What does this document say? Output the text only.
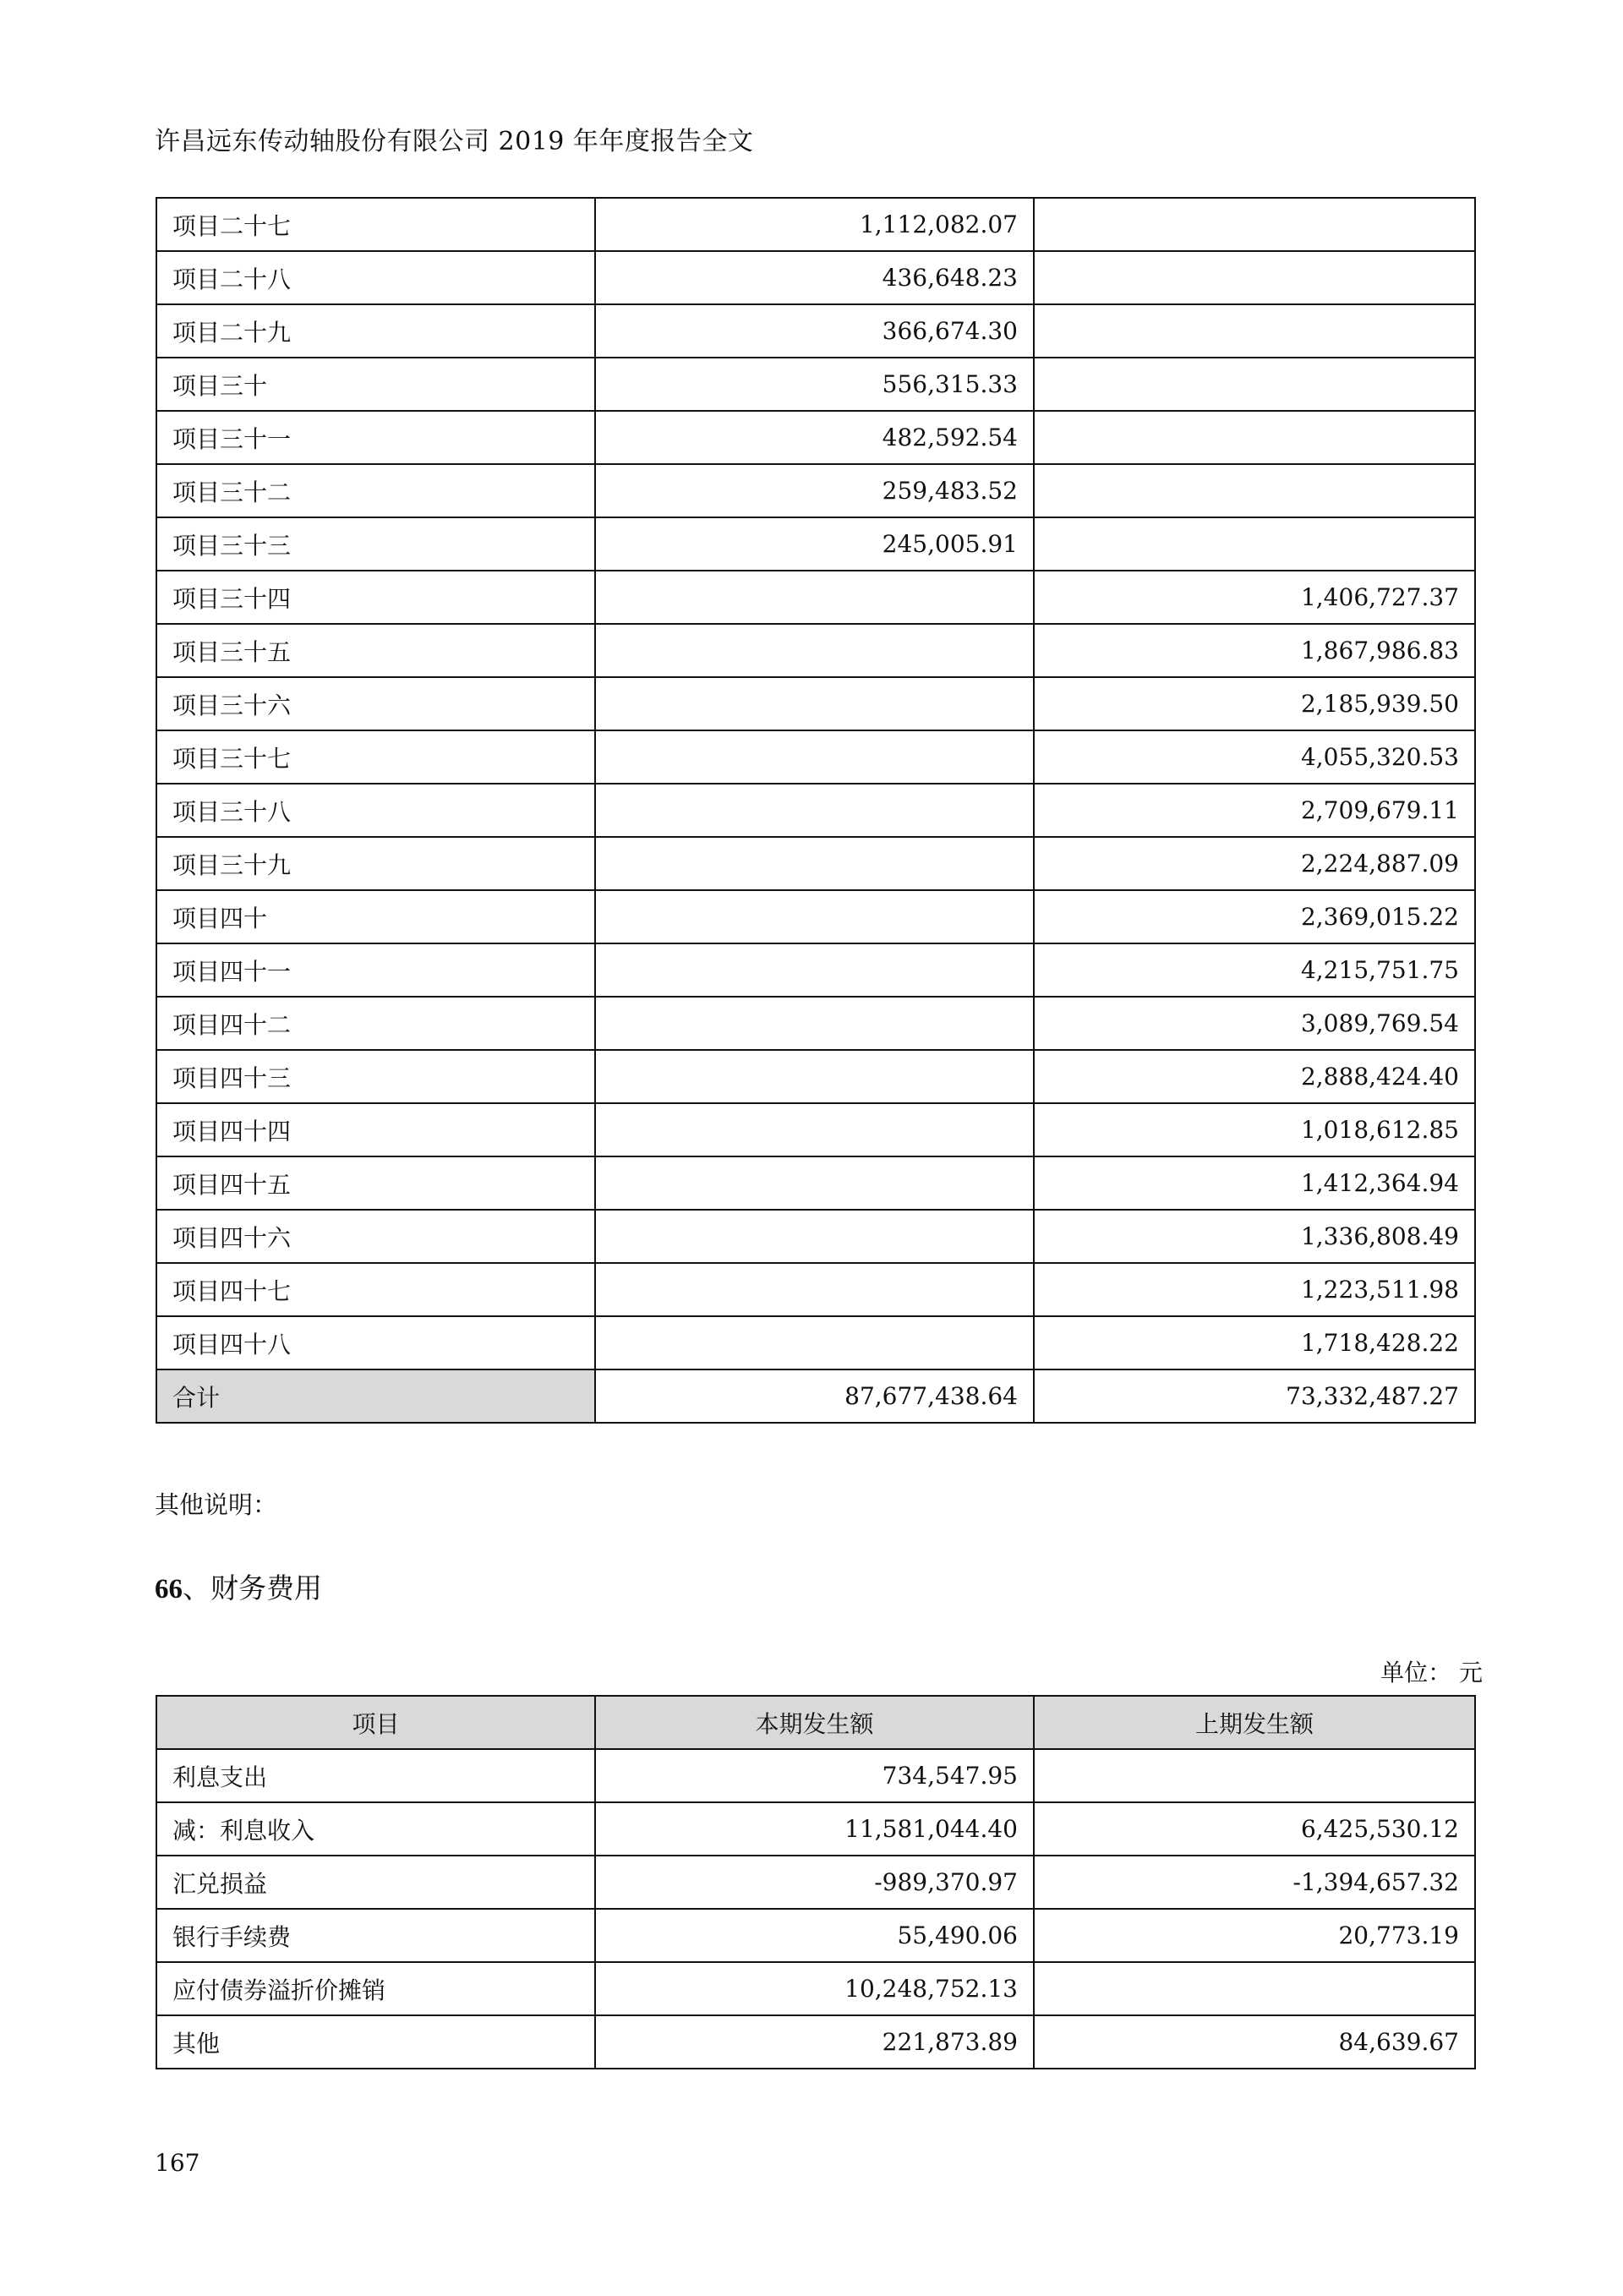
许昌远东传动轴股份有限公司 2019 年年度报告全文
项目二十七	1,112,082.07	
项目二十八	436,648.23	
项目二十九	366,674.30	
项目三十	556,315.33	
项目三十一	482,592.54	
项目三十二	259,483.52	
项目三十三	245,005.91	
项目三十四		1,406,727.37
项目三十五		1,867,986.83
项目三十六		2,185,939.50
项目三十七		4,055,320.53
项目三十八		2,709,679.11
项目三十九		2,224,887.09
项目四十		2,369,015.22
项目四十一		4,215,751.75
项目四十二		3,089,769.54
项目四十三		2,888,424.40
项目四十四		1,018,612.85
项目四十五		1,412,364.94
项目四十六		1,336,808.49
项目四十七		1,223,511.98
项目四十八		1,718,428.22
合计	87,677,438.64	73,332,487.27
其他说明：
66、财务费用
单位： 元
项目	本期发生额	上期发生额
利息支出	734,547.95	
减：利息收入	11,581,044.40	6,425,530.12
汇兑损益	-989,370.97	-1,394,657.32
银行手续费	55,490.06	20,773.19
应付债券溢折价摊销	10,248,752.13	
其他	221,873.89	84,639.67
167
